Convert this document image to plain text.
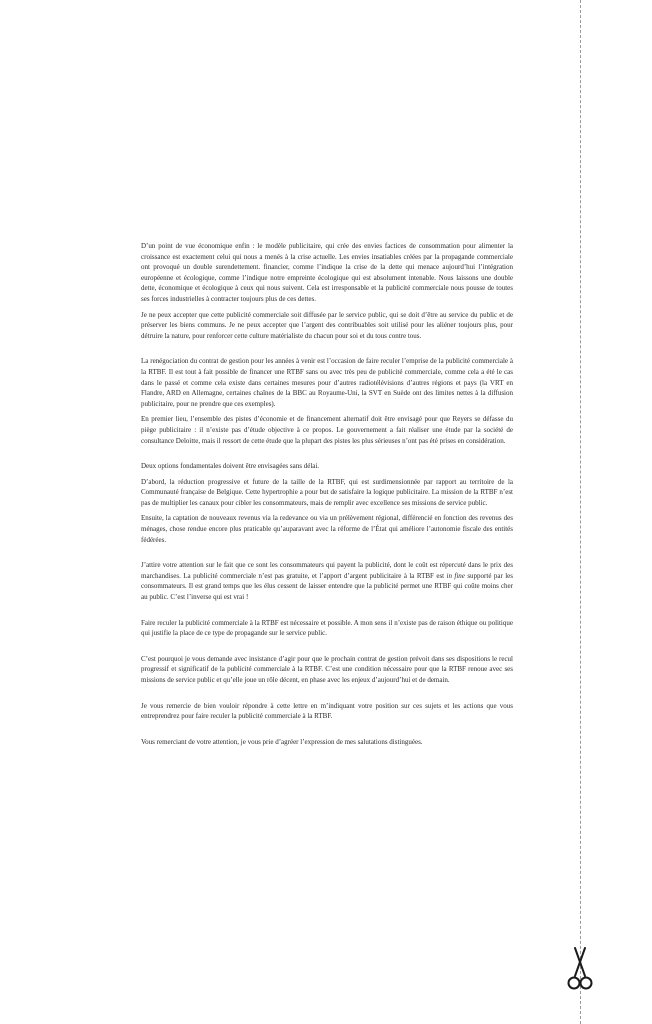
D’un point de vue économique enfin : le modèle publicitaire, qui crée des envies factices de consommation pour alimenter la croissance est exactement celui qui nous a menés à la crise actuelle. Les envies insatiables créées par la propagande commerciale ont provoqué un double surendettement. financier, comme l’indique la crise de la dette qui menace aujourd’hui l’intégration européenne et écologique, comme l’indique notre empreinte écologique qui est absolument intenable. Nous laissons une double dette, économique et écologique à ceux qui nous suivent. Cela est irresponsable et la publicité commerciale nous pousse de toutes ses forces industrielles à contracter toujours plus de ces dettes.

Je ne peux accepter que cette publicité commerciale soit diffusée par le service public, qui se doit d’être au service du public et de préserver les biens communs. Je ne peux accepter que l’argent des contribuables soit utilisé pour les aliéner toujours plus, pour détruire la nature, pour renforcer cette culture matérialiste du chacun pour soi et du tous contre tous.

La renégociation du contrat de gestion pour les années à venir est l’occasion de faire reculer l’emprise de la publicité commerciale à la RTBF. Il est tout à fait possible de financer une RTBF sans ou avec très peu de publicité commerciale, comme cela a été le cas dans le passé et comme cela existe dans certaines mesures pour d’autres radiotélévisions d’autres régions et pays (la VRT en Flandre, ARD en Allemagne, certaines chaînes de la BBC au Royaume-Uni, la SVT en Suède ont des limites nettes à la diffusion publicitaire, pour ne prendre que ces exemples).

En premier lieu, l’ensemble des pistes d’économie et de financement alternatif doit être envisagé pour que Reyers se défasse du piège publicitaire : il n’existe pas d’étude objective à ce propos. Le gouvernement a fait réaliser une étude par la société de consultance Deloitte, mais il ressort de cette étude que la plupart des pistes les plus sérieuses n’ont pas été prises en considération.

Deux options fondamentales doivent être envisagées sans délai.

D’abord, la réduction progressive et future de la taille de la RTBF, qui est surdimensionnée par rapport au territoire de la Communauté française de Belgique. Cette hypertrophie a pour but de satisfaire la logique publicitaire. La mission de la RTBF n’est pas de multiplier les canaux pour cibler les consommateurs, mais de remplir avec excellence ses missions de service public.

Ensuite, la captation de nouveaux revenus via la redevance ou via un prélèvement régional, différencié en fonction des revenus des ménages, chose rendue encore plus praticable qu’auparavant avec la réforme de l’État qui améliore l’autonomie fiscale des entités fédérées.

J’attire votre attention sur le fait que ce sont les consommateurs qui payent la publicité, dont le coût est répercuté dans le prix des marchandises. La publicité commerciale n’est pas gratuite, et l’apport d’argent publicitaire à la RTBF est in fine supporté par les consommateurs. Il est grand temps que les élus cessent de laisser entendre que la publicité permet une RTBF qui coûte moins cher au public. C’est l’inverse qui est vrai !

Faire reculer la publicité commerciale à la RTBF est nécessaire et possible. A mon sens il n’existe pas de raison éthique ou politique qui justifie la place de ce type de propagande sur le service public.

C’est pourquoi je vous demande avec insistance d’agir pour que le prochain contrat de gestion prévoit dans ses dispositions le recul progressif et significatif de la publicité commerciale à la RTBF. C’est une condition nécessaire pour que la RTBF renoue avec ses missions de service public et qu’elle joue un rôle décent, en phase avec les enjeux d’aujourd’hui et de demain.

Je vous remercie de bien vouloir répondre à cette lettre en m’indiquant votre position sur ces sujets et les actions que vous entreprendrez pour faire reculer la publicité commerciale à la RTBF.

Vous remerciant de votre attention, je vous prie d’agréer l’expression de mes salutations distinguées.
